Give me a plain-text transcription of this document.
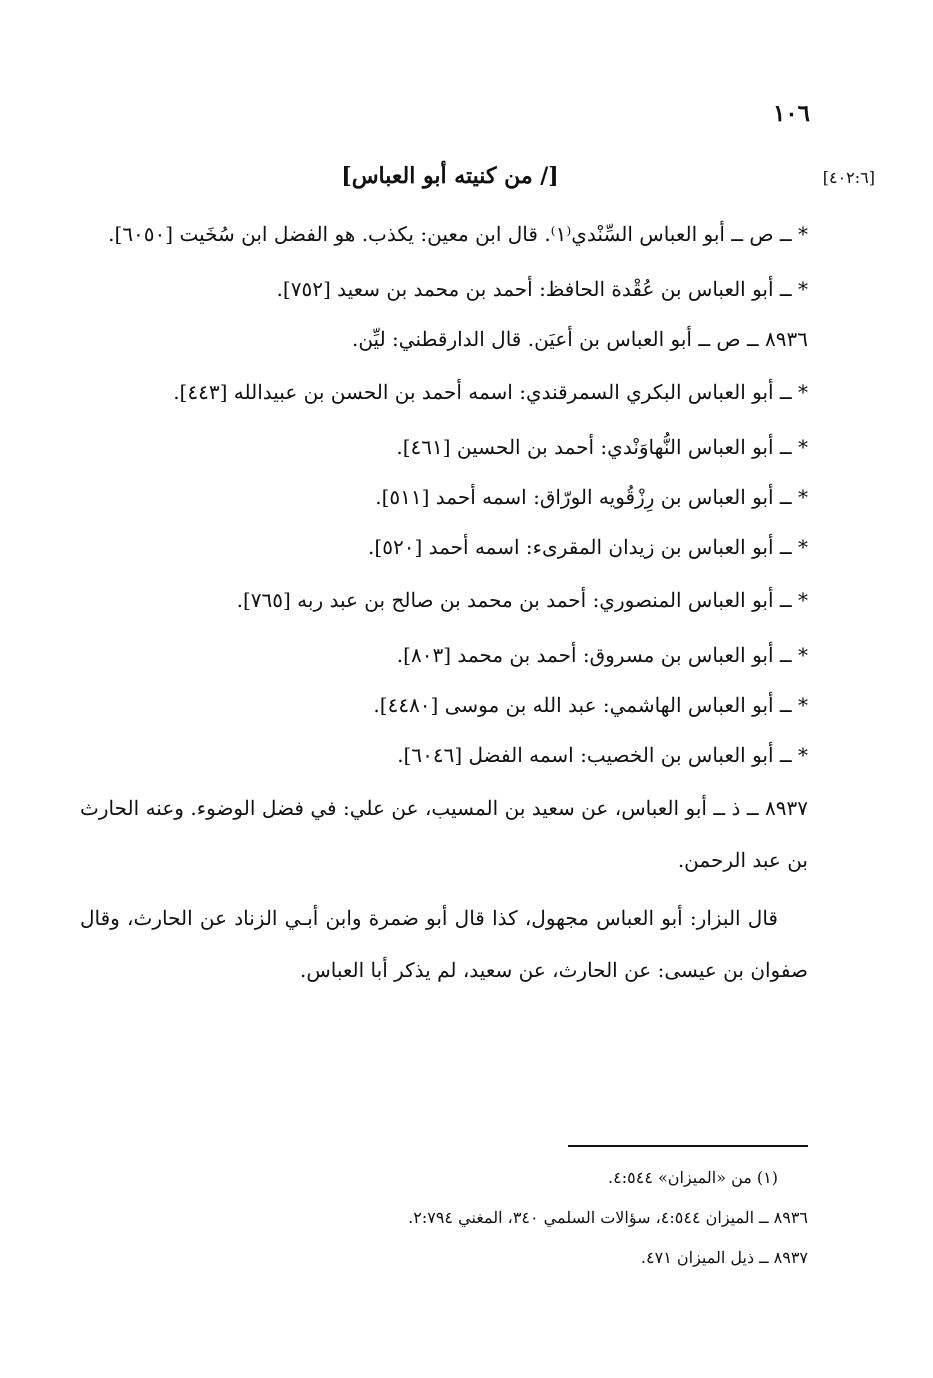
١٠٦
[٤٠٢:٦]
[/ من كنيته أبو العباس]

* ــ ص ــ أبو العباس السِّنْدي⁽١⁾. قال ابن معين: يكذب. هو الفضل ابن سُخَيت [٦٠٥٠].

* ــ أبو العباس بن عُقْدة الحافظ: أحمد بن محمد بن سعيد [٧٥٢].

٨٩٣٦ ــ ص ــ أبو العباس بن أعيَن. قال الدارقطني: ليِّن.

* ــ أبو العباس البكري السمرقندي: اسمه أحمد بن الحسن بن عبيدالله [٤٤٣].

* ــ أبو العباس النُّهاوَنْدي: أحمد بن الحسين [٤٦١].

* ــ أبو العباس بن رِزْقُويه الورّاق: اسمه أحمد [٥١١].

* ــ أبو العباس بن زيدان المقرىء: اسمه أحمد [٥٢٠].

* ــ أبو العباس المنصوري: أحمد بن محمد بن صالح بن عبد ربه [٧٦٥].

* ــ أبو العباس بن مسروق: أحمد بن محمد [٨٠٣].

* ــ أبو العباس الهاشمي: عبد الله بن موسى [٤٤٨٠].

* ــ أبو العباس بن الخصيب: اسمه الفضل [٦٠٤٦].

٨٩٣٧ ــ ذ ــ أبو العباس، عن سعيد بن المسيب، عن علي: في فضل الوضوء. وعنه الحارث بن عبد الرحمن.

قال البزار: أبو العباس مجهول، كذا قال أبو ضمرة وابن أبـي الزناد عن الحارث، وقال صفوان بن عيسى: عن الحارث، عن سعيد، لم يذكر أبا العباس.

(١) من «الميزان» ٤:٥٤٤.

٨٩٣٦ ــ الميزان ٤:٥٤٤، سؤالات السلمي ٣٤٠، المغني ٢:٧٩٤.

٨٩٣٧ ــ ذيل الميزان ٤٧١.
